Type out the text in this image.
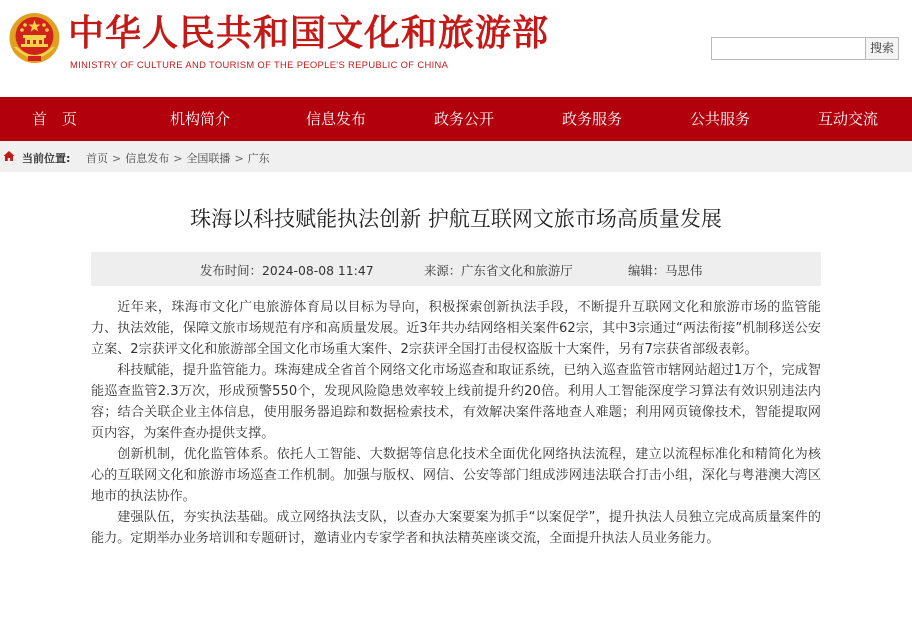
中华人民共和国文化和旅游部
MINISTRY OF CULTURE AND TOURISM OF THE PEOPLE'S REPUBLIC OF CHINA
搜索
首　页	机构简介	信息发布	政务公开	政务服务	公共服务	互动交流
当前位置: 首页 > 信息发布 > 全国联播 > 广东
珠海以科技赋能执法创新 护航互联网文旅市场高质量发展
发布时间：2024-08-08 11:47	来源：广东省文化和旅游厅	编辑：马思伟

近年来，珠海市文化广电旅游体育局以目标为导向，积极探索创新执法手段，不断提升互联网文化和旅游市场的监管能力、执法效能，保障文旅市场规范有序和高质量发展。近3年共办结网络相关案件62宗，其中3宗通过“两法衔接”机制移送公安立案、2宗获评文化和旅游部全国文化市场重大案件、2宗获评全国打击侵权盗版十大案件，另有7宗获省部级表彰。

科技赋能，提升监管能力。珠海建成全省首个网络文化市场巡查和取证系统，已纳入巡查监管市辖网站超过1万个，完成智能巡查监管2.3万次，形成预警550个，发现风险隐患效率较上线前提升约20倍。利用人工智能深度学习算法有效识别违法内容；结合关联企业主体信息，使用服务器追踪和数据检索技术，有效解决案件落地查人难题；利用网页镜像技术，智能提取网页内容，为案件查办提供支撑。

创新机制，优化监管体系。依托人工智能、大数据等信息化技术全面优化网络执法流程，建立以流程标准化和精简化为核心的互联网文化和旅游市场巡查工作机制。加强与版权、网信、公安等部门组成涉网违法联合打击小组，深化与粤港澳大湾区地市的执法协作。

建强队伍，夯实执法基础。成立网络执法支队，以查办大案要案为抓手“以案促学”，提升执法人员独立完成高质量案件的能力。定期举办业务培训和专题研讨，邀请业内专家学者和执法精英座谈交流，全面提升执法人员业务能力。
